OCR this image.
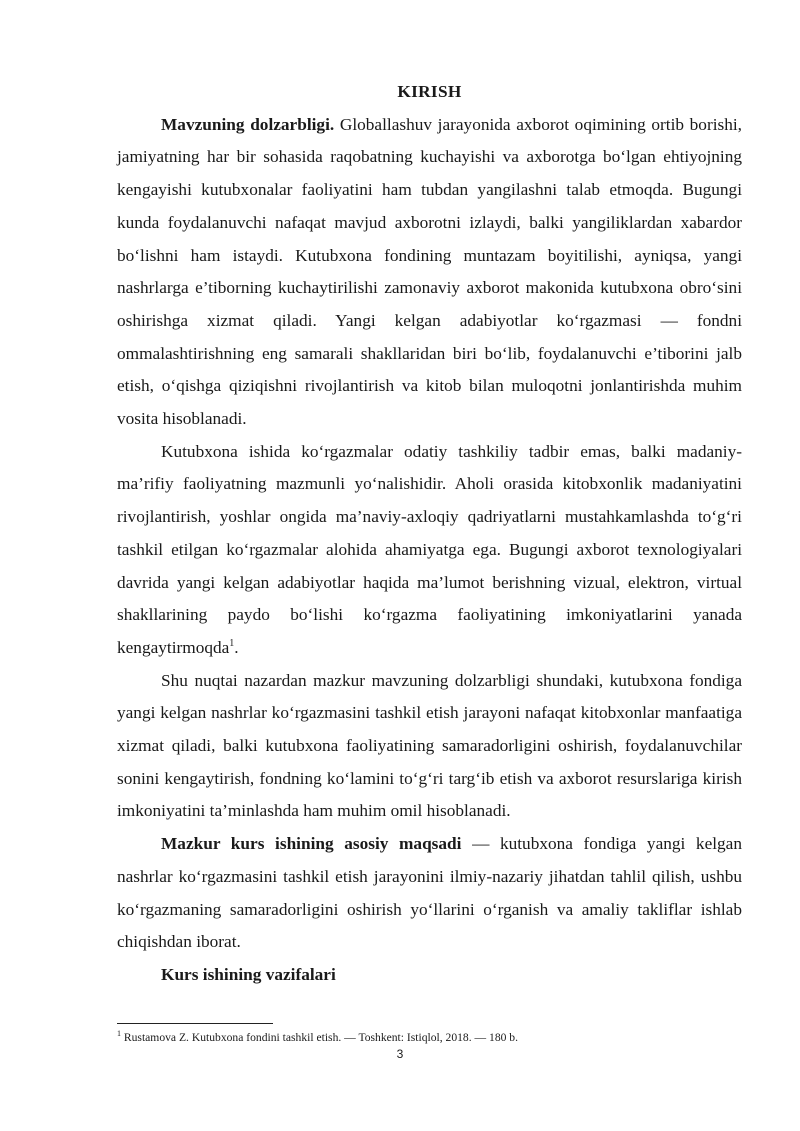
KIRISH

Mavzuning dolzarbligi. Globallashuv jarayonida axborot oqimining ortib borishi, jamiyatning har bir sohasida raqobatning kuchayishi va axborotga bo‘lgan ehtiyojning kengayishi kutubxonalar faoliyatini ham tubdan yangilashni talab etmoqda. Bugungi kunda foydalanuvchi nafaqat mavjud axborotni izlaydi, balki yangiliklardan xabardor bo‘lishni ham istaydi. Kutubxona fondining muntazam boyitilishi, ayniqsa, yangi nashrlarga e’tiborning kuchaytirilishi zamonaviy axborot makonida kutubxona obro‘sini oshirishga xizmat qiladi. Yangi kelgan adabiyotlar ko‘rgazmasi — fondni ommalashtirishning eng samarali shakllaridan biri bo‘lib, foydalanuvchi e’tiborini jalb etish, o‘qishga qiziqishni rivojlantirish va kitob bilan muloqotni jonlantirishda muhim vosita hisoblanadi.

Kutubxona ishida ko‘rgazmalar odatiy tashkiliy tadbir emas, balki madaniy-ma’rifiy faoliyatning mazmunli yo‘nalishidir. Aholi orasida kitobxonlik madaniyatini rivojlantirish, yoshlar ongida ma’naviy-axloqiy qadriyatlarni mustahkamlashda to‘g‘ri tashkil etilgan ko‘rgazmalar alohida ahamiyatga ega. Bugungi axborot texnologiyalari davrida yangi kelgan adabiyotlar haqida ma’lumot berishning vizual, elektron, virtual shakllarining paydo bo‘lishi ko‘rgazma faoliyatining imkoniyatlarini yanada kengaytirmoqda$^1$.

Shu nuqtai nazardan mazkur mavzuning dolzarbligi shundaki, kutubxona fondiga yangi kelgan nashrlar ko‘rgazmasini tashkil etish jarayoni nafaqat kitobxonlar manfaatiga xizmat qiladi, balki kutubxona faoliyatining samaradorligini oshirish, foydalanuvchilar sonini kengaytirish, fondning ko‘lamini to‘g‘ri targ‘ib etish va axborot resurslariga kirish imkoniyatini ta’minlashda ham muhim omil hisoblanadi.

Mazkur kurs ishining asosiy maqsadi — kutubxona fondiga yangi kelgan nashrlar ko‘rgazmasini tashkil etish jarayonini ilmiy-nazariy jihatdan tahlil qilish, ushbu ko‘rgazmaning samaradorligini oshirish yo‘llarini o‘rganish va amaliy takliflar ishlab chiqishdan iborat.

Kurs ishining vazifalari

$^1$ Rustamova Z. Kutubxona fondini tashkil etish. — Toshkent: Istiqlol, 2018. — 180 b.
3
